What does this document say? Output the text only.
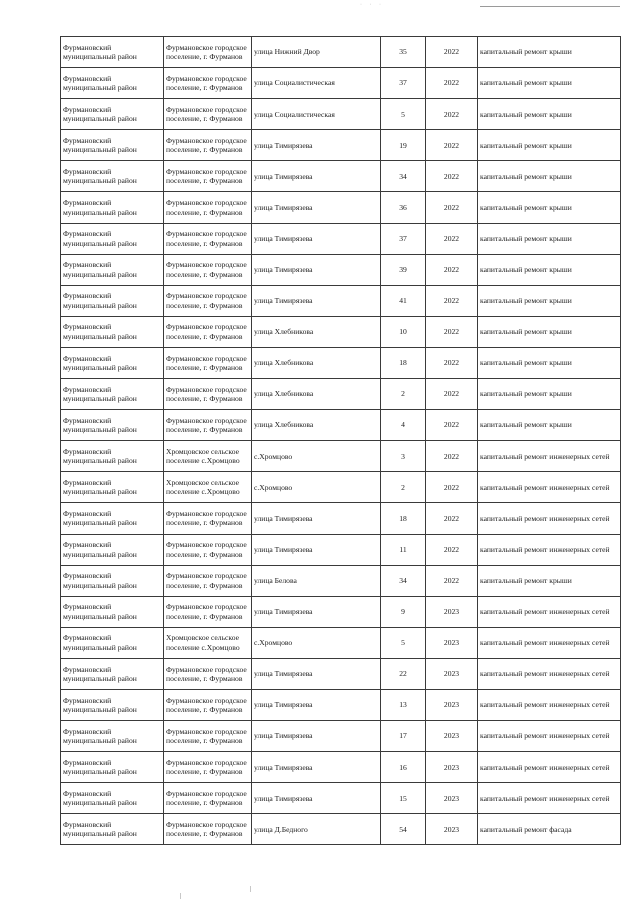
· · ·
Фурмановский муниципальный район	Фурмановское городское поселение, г. Фурманов	улица Нижний Двор	35	2022	капитальный ремонт крыши

Фурмановский муниципальный район	Фурмановское городское поселение, г. Фурманов	улица Социалистическая	37	2022	капитальный ремонт крыши

Фурмановский муниципальный район	Фурмановское городское поселение, г. Фурманов	улица Социалистическая	5	2022	капитальный ремонт крыши

Фурмановский муниципальный район	Фурмановское городское поселение, г. Фурманов	улица Тимирязева	19	2022	капитальный ремонт крыши

Фурмановский муниципальный район	Фурмановское городское поселение, г. Фурманов	улица Тимирязева	34	2022	капитальный ремонт крыши

Фурмановский муниципальный район	Фурмановское городское поселение, г. Фурманов	улица Тимирязева	36	2022	капитальный ремонт крыши

Фурмановский муниципальный район	Фурмановское городское поселение, г. Фурманов	улица Тимирязева	37	2022	капитальный ремонт крыши

Фурмановский муниципальный район	Фурмановское городское поселение, г. Фурманов	улица Тимирязева	39	2022	капитальный ремонт крыши

Фурмановский муниципальный район	Фурмановское городское поселение, г. Фурманов	улица Тимирязева	41	2022	капитальный ремонт крыши

Фурмановский муниципальный район	Фурмановское городское поселение, г. Фурманов	улица Хлебникова	10	2022	капитальный ремонт крыши

Фурмановский муниципальный район	Фурмановское городское поселение, г. Фурманов	улица Хлебникова	18	2022	капитальный ремонт крыши

Фурмановский муниципальный район	Фурмановское городское поселение, г. Фурманов	улица Хлебникова	2	2022	капитальный ремонт крыши

Фурмановский муниципальный район	Фурмановское городское поселение, г. Фурманов	улица Хлебникова	4	2022	капитальный ремонт крыши

Фурмановский муниципальный район	Хромцовское сельское поселение с.Хромцово	с.Хромцово	3	2022	капитальный ремонт инженерных сетей

Фурмановский муниципальный район	Хромцовское сельское поселение с.Хромцово	с.Хромцово	2	2022	капитальный ремонт инженерных сетей

Фурмановский муниципальный район	Фурмановское городское поселение, г. Фурманов	улица Тимирязева	18	2022	капитальный ремонт инженерных сетей

Фурмановский муниципальный район	Фурмановское городское поселение, г. Фурманов	улица Тимирязева	11	2022	капитальный ремонт инженерных сетей

Фурмановский муниципальный район	Фурмановское городское поселение, г. Фурманов	улица Белова	34	2022	капитальный ремонт крыши

Фурмановский муниципальный район	Фурмановское городское поселение, г. Фурманов	улица Тимирязева	9	2023	капитальный ремонт инженерных сетей

Фурмановский муниципальный район	Хромцовское сельское поселение с.Хромцово	с.Хромцово	5	2023	капитальный ремонт инженерных сетей

Фурмановский муниципальный район	Фурмановское городское поселение, г. Фурманов	улица Тимирязева	22	2023	капитальный ремонт инженерных сетей

Фурмановский муниципальный район	Фурмановское городское поселение, г. Фурманов	улица Тимирязева	13	2023	капитальный ремонт инженерных сетей

Фурмановский муниципальный район	Фурмановское городское поселение, г. Фурманов	улица Тимирязева	17	2023	капитальный ремонт инженерных сетей

Фурмановский муниципальный район	Фурмановское городское поселение, г. Фурманов	улица Тимирязева	16	2023	капитальный ремонт инженерных сетей

Фурмановский муниципальный район	Фурмановское городское поселение, г. Фурманов	улица Тимирязева	15	2023	капитальный ремонт инженерных сетей

Фурмановский муниципальный район	Фурмановское городское поселение, г. Фурманов	улица Д.Бедного	54	2023	капитальный ремонт фасада
